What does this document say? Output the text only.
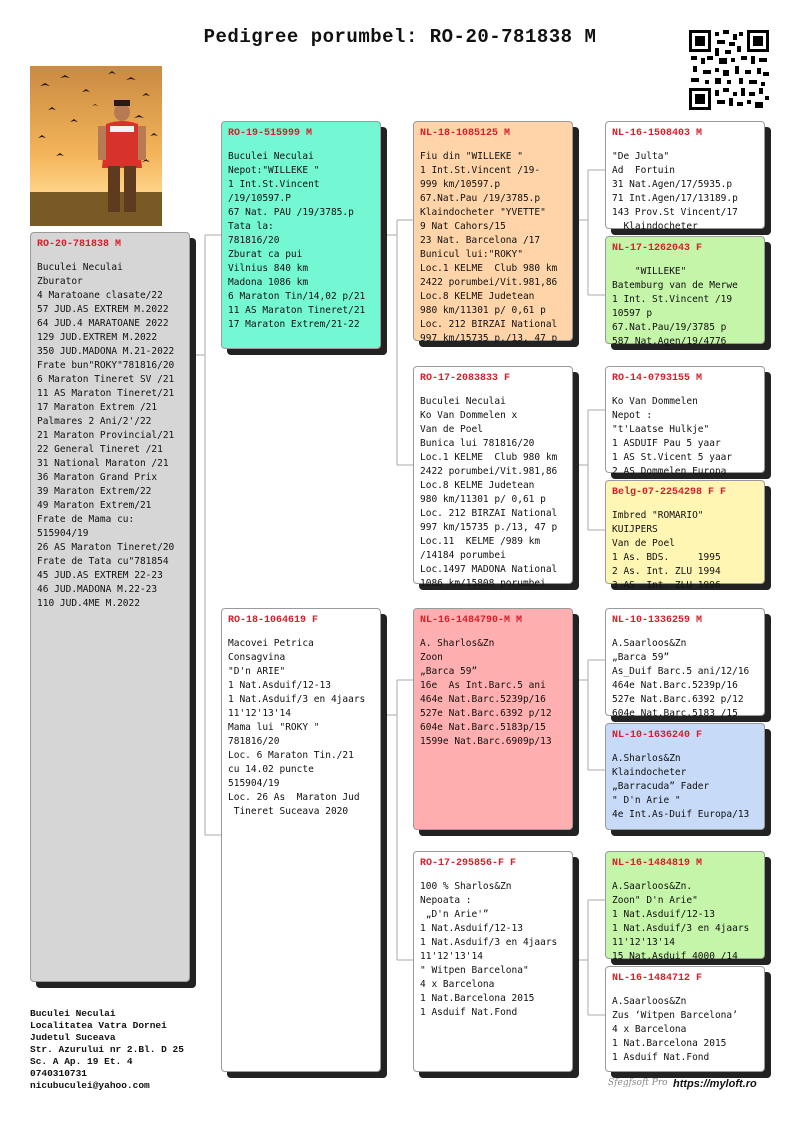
Pedigree porumbel: RO-20-781838 M
RO-20-781838 M
Buculei Neculai
Zburator
4 Maratoane clasate/22
57 JUD.AS EXTREM M.2022
64 JUD.4 MARATOANE 2022
129 JUD.EXTREM M.2022
350 JUD.MADONA M.21-2022
Frate bun"ROKY"781816/20
6 Maraton Tineret SV /21
11 AS Maraton Tineret/21
17 Maraton Extrem /21
Palmares 2 Ani/2'/22
21 Maraton Provincial/21
22 General Tineret /21
31 National Maraton /21
36 Maraton Grand Prix
39 Maraton Extrem/22
49 Maraton Extrem/21
Frate de Mama cu:
515904/19
26 AS Maraton Tineret/20
Frate de Tata cu"781854
45 JUD.AS EXTREM 22-23
46 JUD.MADONA M.22-23
110 JUD.4ME M.2022
RO-19-515999 M
Buculei Neculai
Nepot:"WILLEKE "
1 Int.St.Vincent
/19/10597.P
67 Nat. PAU /19/3785.p
Tata la:
781816/20
Zburat ca pui
Vilnius 840 km
Madona 1086 km
6 Maraton Tin/14,02 p/21
11 AS Maraton Tineret/21
17 Maraton Extrem/21-22
RO-18-1064619 F
Macovei Petrica
Consagvina
"D'n ARIE"
1 Nat.Asduif/12-13
1 Nat.Asduif/3 en 4jaars
11'12'13'14
Mama lui "ROKY "
781816/20
Loc. 6 Maraton Tin./21
cu 14.02 puncte
515904/19
Loc. 26 As  Maraton Jud
Tineret Suceava 2020
NL-18-1085125 M
Fiu din "WILLEKE "
1 Int.St.Vincent /19-
999 km/10597.p
67.Nat.Pau /19/3785.p
Klaindocheter "YVETTE"
9 Nat Cahors/15
23 Nat. Barcelona /17
Bunicul lui:"ROKY"
Loc.1 KELME  Club 980 km
2422 porumbei/Vit.981,86
Loc.8 KELME Judetean
980 km/11301 p/ 0,61 p
Loc. 212 BIRZAI National
997 km/15735 p./13, 47 p
RO-17-2083833 F
Buculei Neculai
Ko Van Dommelen x
Van de Poel
Bunica lui 781816/20
Loc.1 KELME  Club 980 km
2422 porumbei/Vit.981,86
Loc.8 KELME Judetean
980 km/11301 p/ 0,61 p
Loc. 212 BIRZAI National
997 km/15735 p./13, 47 p
Loc.11  KELME /989 km
/14184 porumbei
Loc.1497 MADONA National
1086 km/15808 porumbei
NL-16-1484790-M M
A. Sharlos&Zn
Zoon
„Barca 59”
16e  As Int.Barc.5 ani
464e Nat.Barc.5239p/16
527e Nat.Barc.6392 p/12
604e Nat.Barc.5183p/15
1599e Nat.Barc.6909p/13
RO-17-295856-F F
100 % Sharlos&Zn
Nepoata :
„D'n Arie'”
1 Nat.Asduif/12-13
1 Nat.Asduif/3 en 4jaars
11'12'13'14
" Witpen Barcelona"
4 x Barcelona
1 Nat.Barcelona 2015
1 Asduif Nat.Fond
NL-16-1508403 M
"De Julta"
Ad  Fortuin
31 Nat.Agen/17/5935.p
71 Int.Agen/17/13189.p
143 Prov.St Vincent/17
Klaindocheter
NL-17-1262043 F
"WILLEKE"
Batemburg van de Merwe
1 Int. St.Vincent /19
10597 p
67.Nat.Pau/19/3785 p
587 Nat.Agen/19/4776
RO-14-0793155 M
Ko Van Dommelen
Nepot :
"t'Laatse Hulkje"
1 ASDUIF Pau 5 yaar
1 AS St.Vicent 5 yaar
2 AS Dommelen Europa
Belg-07-2254298 F F
Imbred "ROMARIO"
KUIJPERS
Van de Poel
1 As. BDS.     1995
2 As. Int. ZLU 1994
3 AS  Int. ZLU 1996
NL-10-1336259 M
A.Saarloos&Zn
„Barca 59”
As_Duif Barc.5 ani/12/16
464e Nat.Barc.5239p/16
527e Nat.Barc.6392 p/12
604e Nat.Barc.5183 /15
NL-10-1636240 F
A.Sharlos&Zn
Klaindocheter
„Barracuda” Fader
" D'n Arie "
4e Int.As-Duif Europa/13
NL-16-1484819 M
A.Saarloos&Zn.
Zoon" D'n Arie"
1 Nat.Asduif/12-13
1 Nat.Asduif/3 en 4jaars
11'12'13'14
15 Nat.Asduif 4000 /14
NL-16-1484712 F
A.Saarloos&Zn
Zus ‘Witpen Barcelona’
4 x Barcelona
1 Nat.Barcelona 2015
1 Asduif Nat.Fond
Buculei Neculai
Localitatea Vatra Dornei
Judetul Suceava
Str. Azurului nr 2.Bl. D 25
Sc. A Ap. 19 Et. 4
0740310731
nicubuculei@yahoo.com	Sfegfsoft Pro https://myloft.ro
